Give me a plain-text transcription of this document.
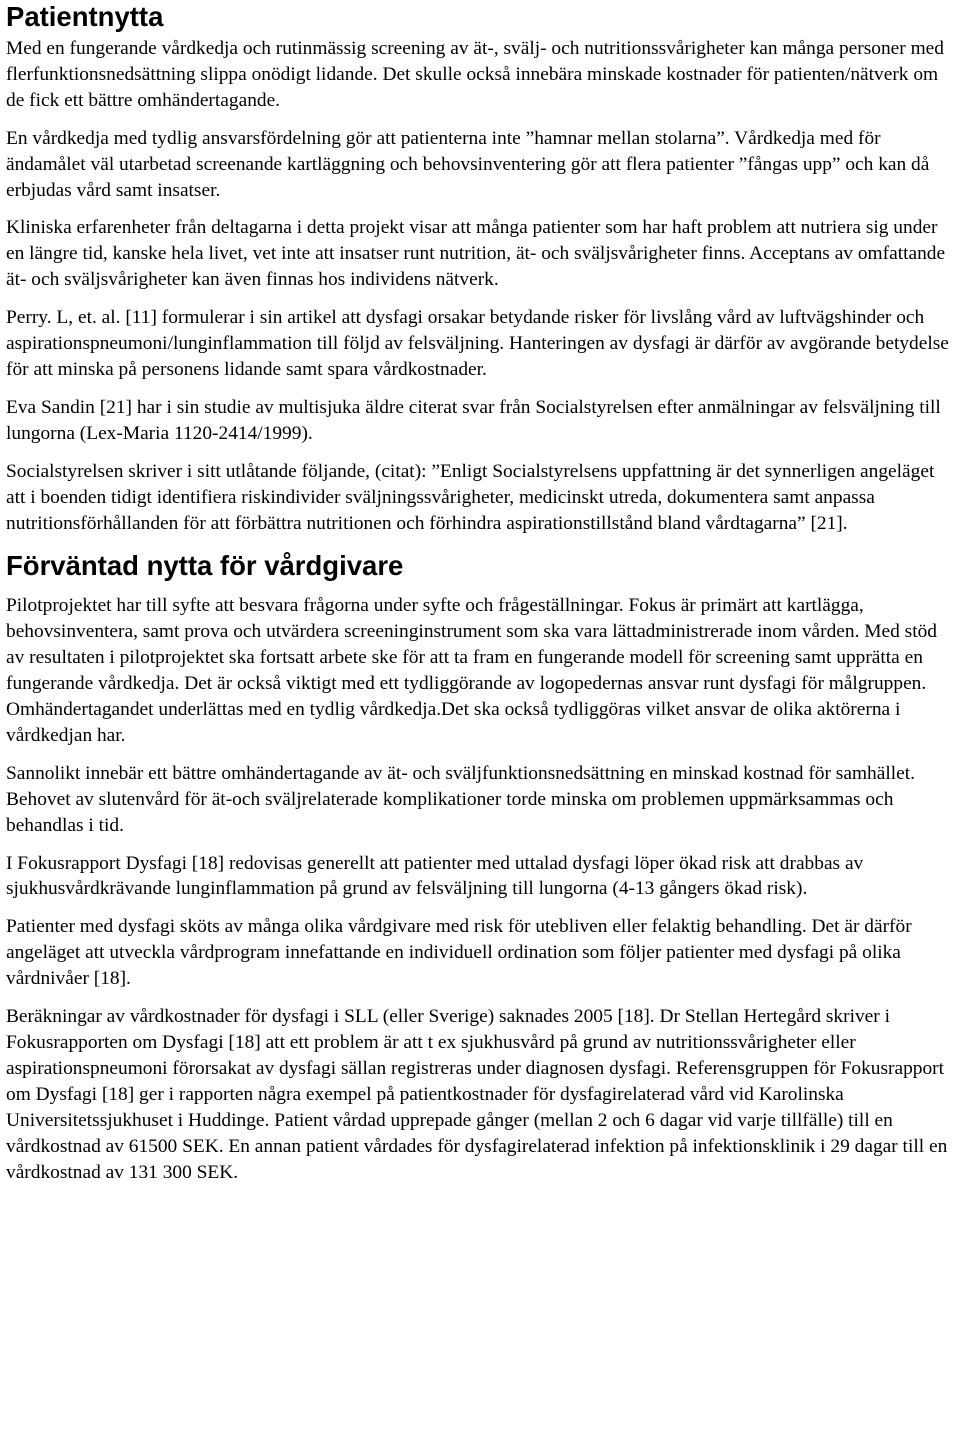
Patientnytta

Med en fungerande vårdkedja och rutinmässig screening av ät-, svälj- och nutritionssvårigheter kan många personer med flerfunktionsnedsättning slippa onödigt lidande. Det skulle också innebära minskade kostnader för patienten/nätverk om de fick ett bättre omhändertagande.

En vårdkedja med tydlig ansvarsfördelning gör att patienterna inte ”hamnar mellan stolarna”. Vårdkedja med för ändamålet väl utarbetad screenande kartläggning och behovsinventering gör att flera patienter ”fångas upp” och kan då erbjudas vård samt insatser.

Kliniska erfarenheter från deltagarna i detta projekt visar att många patienter som har haft problem att nutriera sig under en längre tid, kanske hela livet, vet inte att insatser runt nutrition, ät- och sväljsvårigheter finns. Acceptans av omfattande ät- och sväljsvårigheter kan även finnas hos individens nätverk.

Perry. L, et. al. [11] formulerar i sin artikel att dysfagi orsakar betydande risker för livslång vård av luftvägshinder och aspirationspneumoni/lunginflammation till följd av felsväljning. Hanteringen av dysfagi är därför av avgörande betydelse för att minska på personens lidande samt spara vårdkostnader.

Eva Sandin [21] har i sin studie av multisjuka äldre citerat svar från Socialstyrelsen efter anmälningar av felsväljning till lungorna (Lex-Maria 1120-2414/1999).

Socialstyrelsen skriver i sitt utlåtande följande, (citat): ”Enligt Socialstyrelsens uppfattning är det synnerligen angeläget att i boenden tidigt identifiera riskindivider sväljningssvårigheter, medicinskt utreda, dokumentera samt anpassa nutritionsförhållanden för att förbättra nutritionen och förhindra aspirationstillstånd bland vårdtagarna” [21].

Förväntad nytta för vårdgivare

Pilotprojektet har till syfte att besvara frågorna under syfte och frågeställningar. Fokus är primärt att kartlägga, behovsinventera, samt prova och utvärdera screeninginstrument som ska vara lättadministrerade inom vården. Med stöd av resultaten i pilotprojektet ska fortsatt arbete ske för att ta fram en fungerande modell för screening samt upprätta en fungerande vårdkedja. Det är också viktigt med ett tydliggörande av logopedernas ansvar runt dysfagi för målgruppen. Omhändertagandet underlättas med en tydlig vårdkedja.Det ska också tydliggöras vilket ansvar de olika aktörerna i vårdkedjan har.

Sannolikt innebär ett bättre omhändertagande av ät- och sväljfunktionsnedsättning en minskad kostnad för samhället. Behovet av slutenvård för ät-och sväljrelaterade komplikationer torde minska om problemen uppmärksammas och behandlas i tid.

I Fokusrapport Dysfagi [18] redovisas generellt att patienter med uttalad dysfagi löper ökad risk att drabbas av sjukhusvårdkrävande lunginflammation på grund av felsväljning till lungorna (4-13 gångers ökad risk).

Patienter med dysfagi sköts av många olika vårdgivare med risk för utebliven eller felaktig behandling. Det är därför angeläget att utveckla vårdprogram innefattande en individuell ordination som följer patienter med dysfagi på olika vårdnivåer [18].

Beräkningar av vårdkostnader för dysfagi i SLL (eller Sverige) saknades 2005 [18]. Dr Stellan Hertegård skriver i Fokusrapporten om Dysfagi [18] att ett problem är att t ex sjukhusvård på grund av nutritionssvårigheter eller aspirationspneumoni förorsakat av dysfagi sällan registreras under diagnosen dysfagi. Referensgruppen för Fokusrapport om Dysfagi [18] ger i rapporten några exempel på patientkostnader för dysfagirelaterad vård vid Karolinska Universitetssjukhuset i Huddinge. Patient vårdad upprepade gånger (mellan 2 och 6 dagar vid varje tillfälle) till en vårdkostnad av 61500 SEK. En annan patient vårdades för dysfagirelaterad infektion på infektionsklinik i 29 dagar till en vårdkostnad av 131 300 SEK.
